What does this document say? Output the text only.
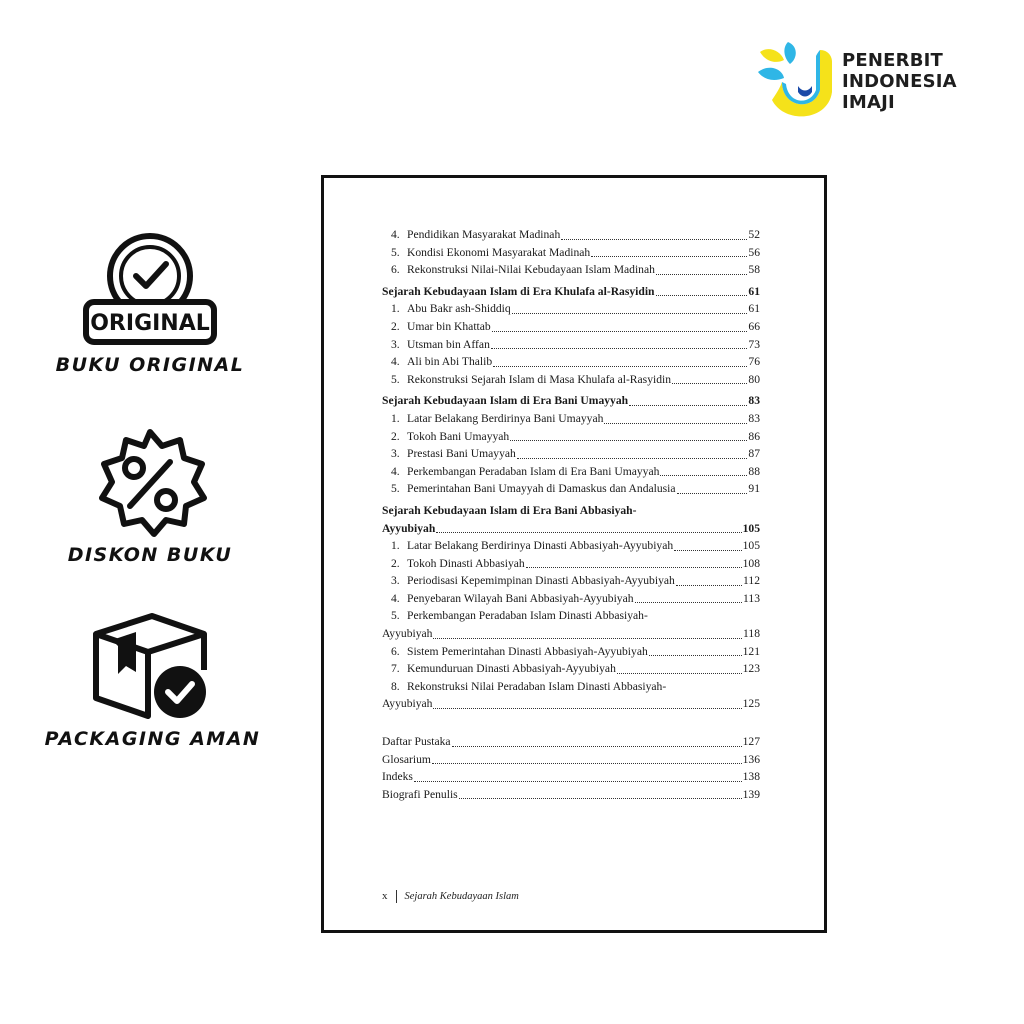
PENERBIT
INDONESIA
IMAJI
ORIGINAL
BUKU ORIGINAL
DISKON BUKU
PACKAGING AMAN
4. Pendidikan Masyarakat Madinah	52
5. Kondisi Ekonomi Masyarakat Madinah	56
6. Rekonstruksi Nilai-Nilai Kebudayaan Islam Madinah	58
Sejarah Kebudayaan Islam di Era Khulafa al-Rasyidin	61
1. Abu Bakr ash-Shiddiq	61
2. Umar bin Khattab	66
3. Utsman bin Affan	73
4. Ali bin Abi Thalib	76
5. Rekonstruksi Sejarah Islam di Masa Khulafa al-Rasyidin	80
Sejarah Kebudayaan Islam di Era Bani Umayyah	83
1. Latar Belakang Berdirinya Bani Umayyah	83
2. Tokoh Bani Umayyah	86
3. Prestasi Bani Umayyah	87
4. Perkembangan Peradaban Islam di Era Bani Umayyah	88
5. Pemerintahan Bani Umayyah di Damaskus dan Andalusia	91
Sejarah Kebudayaan Islam di Era Bani Abbasiyah-
Ayyubiyah	105
1. Latar Belakang Berdirinya Dinasti Abbasiyah-Ayyubiyah	105
2. Tokoh Dinasti Abbasiyah	108
3. Periodisasi Kepemimpinan Dinasti Abbasiyah-Ayyubiyah	112
4. Penyebaran Wilayah Bani Abbasiyah-Ayyubiyah	113
5. Perkembangan Peradaban Islam Dinasti Abbasiyah-
Ayyubiyah	118
6. Sistem Pemerintahan Dinasti Abbasiyah-Ayyubiyah	121
7. Kemunduruan Dinasti Abbasiyah-Ayyubiyah	123
8. Rekonstruksi Nilai Peradaban Islam Dinasti Abbasiyah-
Ayyubiyah	125
Daftar Pustaka	127
Glosarium	136
Indeks	138
Biografi Penulis	139
x Sejarah Kebudayaan Islam
